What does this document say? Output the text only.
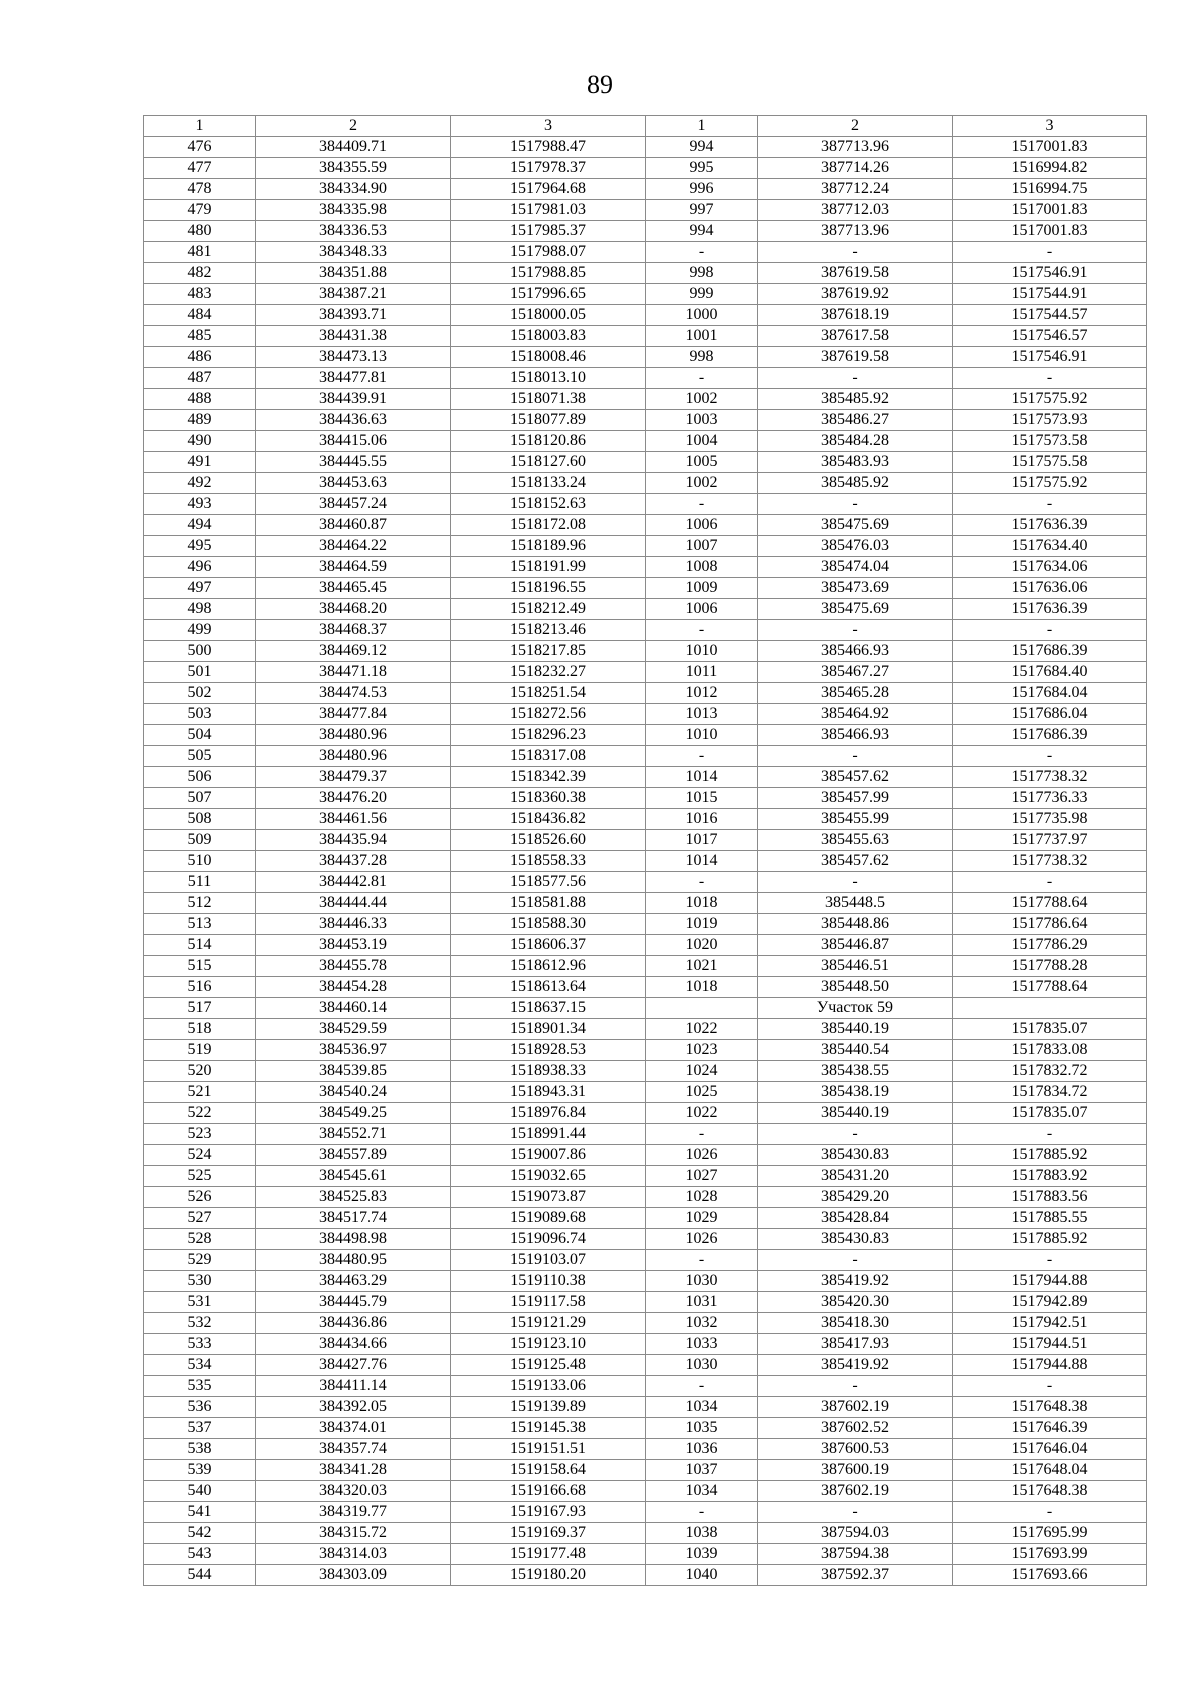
89
1	2	3	1	2	3
476	384409.71	1517988.47	994	387713.96	1517001.83
477	384355.59	1517978.37	995	387714.26	1516994.82
478	384334.90	1517964.68	996	387712.24	1516994.75
479	384335.98	1517981.03	997	387712.03	1517001.83
480	384336.53	1517985.37	994	387713.96	1517001.83
481	384348.33	1517988.07	-	-	-
482	384351.88	1517988.85	998	387619.58	1517546.91
483	384387.21	1517996.65	999	387619.92	1517544.91
484	384393.71	1518000.05	1000	387618.19	1517544.57
485	384431.38	1518003.83	1001	387617.58	1517546.57
486	384473.13	1518008.46	998	387619.58	1517546.91
487	384477.81	1518013.10	-	-	-
488	384439.91	1518071.38	1002	385485.92	1517575.92
489	384436.63	1518077.89	1003	385486.27	1517573.93
490	384415.06	1518120.86	1004	385484.28	1517573.58
491	384445.55	1518127.60	1005	385483.93	1517575.58
492	384453.63	1518133.24	1002	385485.92	1517575.92
493	384457.24	1518152.63	-	-	-
494	384460.87	1518172.08	1006	385475.69	1517636.39
495	384464.22	1518189.96	1007	385476.03	1517634.40
496	384464.59	1518191.99	1008	385474.04	1517634.06
497	384465.45	1518196.55	1009	385473.69	1517636.06
498	384468.20	1518212.49	1006	385475.69	1517636.39
499	384468.37	1518213.46	-	-	-
500	384469.12	1518217.85	1010	385466.93	1517686.39
501	384471.18	1518232.27	1011	385467.27	1517684.40
502	384474.53	1518251.54	1012	385465.28	1517684.04
503	384477.84	1518272.56	1013	385464.92	1517686.04
504	384480.96	1518296.23	1010	385466.93	1517686.39
505	384480.96	1518317.08	-	-	-
506	384479.37	1518342.39	1014	385457.62	1517738.32
507	384476.20	1518360.38	1015	385457.99	1517736.33
508	384461.56	1518436.82	1016	385455.99	1517735.98
509	384435.94	1518526.60	1017	385455.63	1517737.97
510	384437.28	1518558.33	1014	385457.62	1517738.32
511	384442.81	1518577.56	-	-	-
512	384444.44	1518581.88	1018	385448.5	1517788.64
513	384446.33	1518588.30	1019	385448.86	1517786.64
514	384453.19	1518606.37	1020	385446.87	1517786.29
515	384455.78	1518612.96	1021	385446.51	1517788.28
516	384454.28	1518613.64	1018	385448.50	1517788.64
517	384460.14	1518637.15		Участок 59	
518	384529.59	1518901.34	1022	385440.19	1517835.07
519	384536.97	1518928.53	1023	385440.54	1517833.08
520	384539.85	1518938.33	1024	385438.55	1517832.72
521	384540.24	1518943.31	1025	385438.19	1517834.72
522	384549.25	1518976.84	1022	385440.19	1517835.07
523	384552.71	1518991.44	-	-	-
524	384557.89	1519007.86	1026	385430.83	1517885.92
525	384545.61	1519032.65	1027	385431.20	1517883.92
526	384525.83	1519073.87	1028	385429.20	1517883.56
527	384517.74	1519089.68	1029	385428.84	1517885.55
528	384498.98	1519096.74	1026	385430.83	1517885.92
529	384480.95	1519103.07	-	-	-
530	384463.29	1519110.38	1030	385419.92	1517944.88
531	384445.79	1519117.58	1031	385420.30	1517942.89
532	384436.86	1519121.29	1032	385418.30	1517942.51
533	384434.66	1519123.10	1033	385417.93	1517944.51
534	384427.76	1519125.48	1030	385419.92	1517944.88
535	384411.14	1519133.06	-	-	-
536	384392.05	1519139.89	1034	387602.19	1517648.38
537	384374.01	1519145.38	1035	387602.52	1517646.39
538	384357.74	1519151.51	1036	387600.53	1517646.04
539	384341.28	1519158.64	1037	387600.19	1517648.04
540	384320.03	1519166.68	1034	387602.19	1517648.38
541	384319.77	1519167.93	-	-	-
542	384315.72	1519169.37	1038	387594.03	1517695.99
543	384314.03	1519177.48	1039	387594.38	1517693.99
544	384303.09	1519180.20	1040	387592.37	1517693.66
